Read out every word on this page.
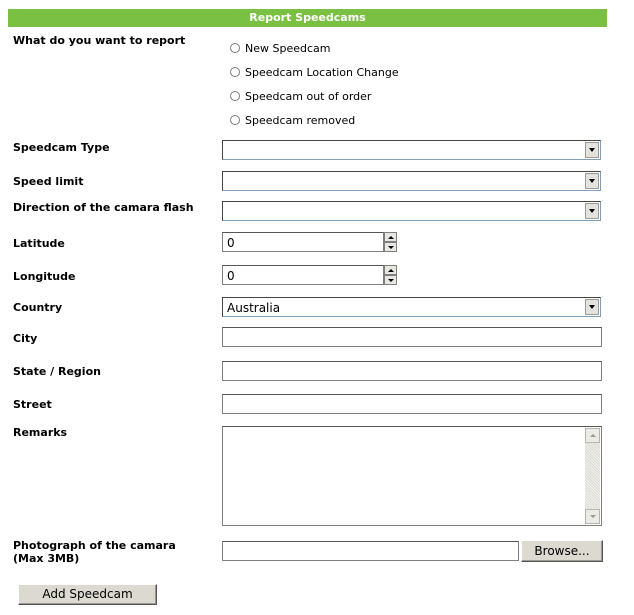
Report Speedcams
What do you want to report
New Speedcam
Speedcam Location Change
Speedcam out of order
Speedcam removed
Speedcam Type
Speed limit
Direction of the camara flash
Latitude	0
Longitude	0
Country	Australia
City
State / Region
Street
Remarks
Photograph of the camara (Max 3MB)
Browse...
Add Speedcam
